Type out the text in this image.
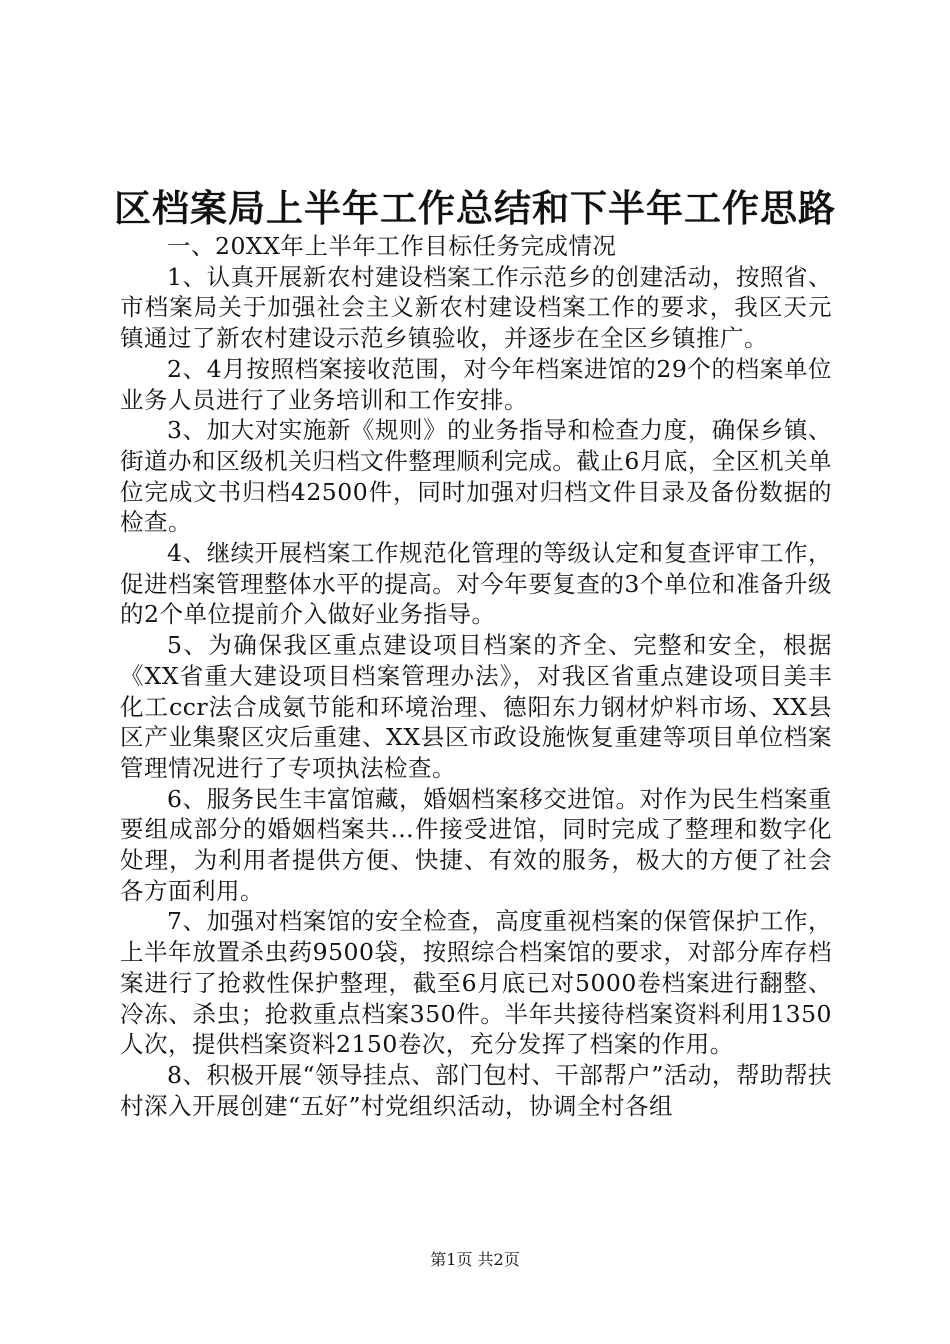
区档案局上半年工作总结和下半年工作思路

一、20XX年上半年工作目标任务完成情况

1、认真开展新农村建设档案工作示范乡的创建活动，按照省、市档案局关于加强社会主义新农村建设档案工作的要求，我区天元镇通过了新农村建设示范乡镇验收，并逐步在全区乡镇推广。

2、4月按照档案接收范围，对今年档案进馆的29个的档案单位业务人员进行了业务培训和工作安排。

3、加大对实施新《规则》的业务指导和检查力度，确保乡镇、街道办和区级机关归档文件整理顺利完成。截止6月底，全区机关单位完成文书归档42500件，同时加强对归档文件目录及备份数据的检查。

4、继续开展档案工作规范化管理的等级认定和复查评审工作，促进档案管理整体水平的提高。对今年要复查的3个单位和准备升级的2个单位提前介入做好业务指导。

5、为确保我区重点建设项目档案的齐全、完整和安全，根据《XX省重大建设项目档案管理办法》，对我区省重点建设项目美丰化工ccr法合成氨节能和环境治理、德阳东力钢材炉料市场、XX县区产业集聚区灾后重建、XX县区市政设施恢复重建等项目单位档案管理情况进行了专项执法检查。

6、服务民生丰富馆藏，婚姻档案移交进馆。对作为民生档案重要组成部分的婚姻档案共…件接受进馆，同时完成了整理和数字化处理，为利用者提供方便、快捷、有效的服务，极大的方便了社会各方面利用。

7、加强对档案馆的安全检查，高度重视档案的保管保护工作，上半年放置杀虫药9500袋，按照综合档案馆的要求，对部分库存档案进行了抢救性保护整理，截至6月底已对5000卷档案进行翻整、冷冻、杀虫；抢救重点档案350件。半年共接待档案资料利用1350人次，提供档案资料2150卷次，充分发挥了档案的作用。

8、积极开展“领导挂点、部门包村、干部帮户”活动，帮助帮扶村深入开展创建“五好”村党组织活动，协调全村各组

第1页 共2页
